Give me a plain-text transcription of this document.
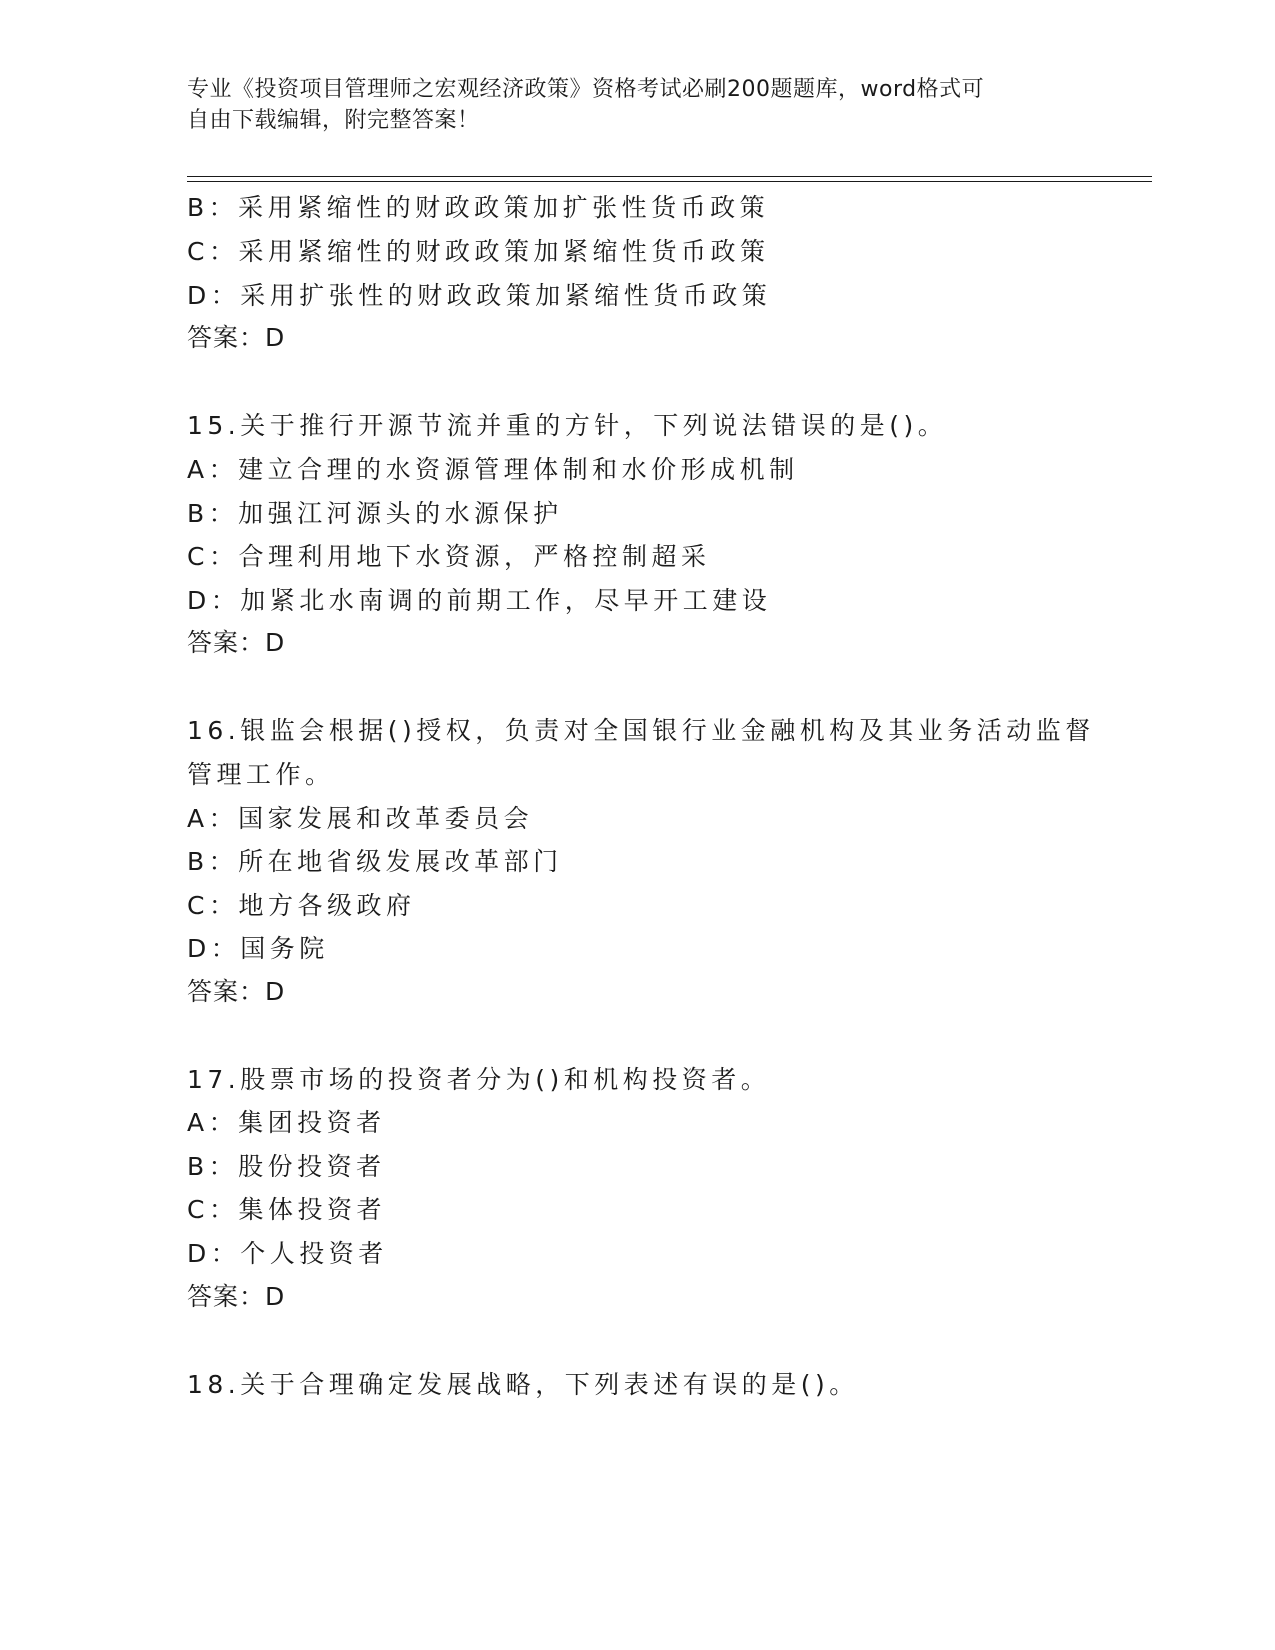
专业《投资项目管理师之宏观经济政策》资格考试必刷200题题库，word格式可
自由下载编辑，附完整答案！
B：采用紧缩性的财政政策加扩张性货币政策
C：采用紧缩性的财政政策加紧缩性货币政策
D：采用扩张性的财政政策加紧缩性货币政策
答案：D
15.关于推行开源节流并重的方针，下列说法错误的是()。
A：建立合理的水资源管理体制和水价形成机制
B：加强江河源头的水源保护
C：合理利用地下水资源，严格控制超采
D：加紧北水南调的前期工作，尽早开工建设
答案：D
16.银监会根据()授权，负责对全国银行业金融机构及其业务活动监督
管理工作。
A：国家发展和改革委员会
B：所在地省级发展改革部门
C：地方各级政府
D：国务院
答案：D
17.股票市场的投资者分为()和机构投资者。
A：集团投资者
B：股份投资者
C：集体投资者
D：个人投资者
答案：D
18.关于合理确定发展战略，下列表述有误的是()。
